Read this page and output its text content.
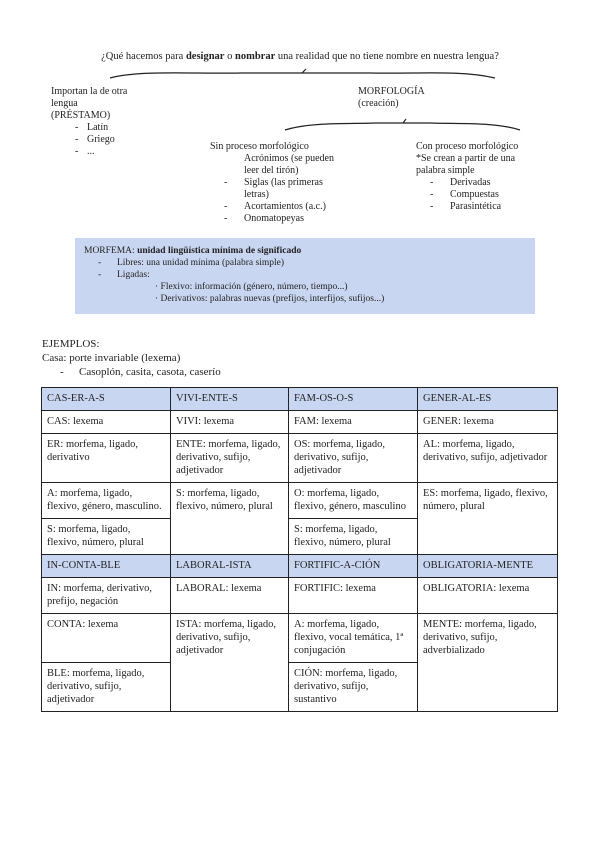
¿Qué hacemos para designar o nombrar una realidad que no tiene nombre en nuestra lengua?
Importan la de otra
lengua
(PRÉSTAMO)
- Latín
- Griego
- ...
MORFOLOGÍA
(creación)
Sin proceso morfológico
Acrónimos (se pueden
leer del tirón)
- Siglas (las primeras
letras)
- Acortamientos (a.c.)
- Onomatopeyas
Con proceso morfológico
*Se crean a partir de una
palabra simple
- Derivadas
- Compuestas
- Parasintética
MORFEMA: unidad lingüística mínima de significado
- Libres: una unidad mínima (palabra simple)
- Ligadas:
· Flexivo: información (género, número, tiempo...)
· Derivativos: palabras nuevas (prefijos, interfijos, sufijos...)
EJEMPLOS:
Casa: porte invariable (lexema)
- Casoplón, casita, casota, caserío
CAS-ER-A-S	VIVI-ENTE-S	FAM-OS-O-S	GENER-AL-ES
CAS: lexema	VIVI: lexema	FAM: lexema	GENER: lexema
ER: morfema, ligado, derivativo	ENTE: morfema, ligado, derivativo, sufijo, adjetivador	OS: morfema, ligado, derivativo, sufijo, adjetivador	AL: morfema, ligado, derivativo, sufijo, adjetivador
A: morfema, ligado, flexivo, género, masculino.	S: morfema, ligado, flexivo, número, plural	O: morfema, ligado, flexivo, género, masculino	ES: morfema, ligado, flexivo, número, plural
S: morfema, ligado, flexivo, número, plural		S: morfema, ligado, flexivo, número, plural	
IN-CONTA-BLE	LABORAL-ISTA	FORTIFIC-A-CIÓN	OBLIGATORIA-MENTE
IN: morfema, derivativo, prefijo, negación	LABORAL: lexema	FORTIFIC: lexema	OBLIGATORIA: lexema
CONTA: lexema	ISTA: morfema, ligado, derivativo, sufijo, adjetivador	A: morfema, ligado, flexivo, vocal temática, 1ª conjugación	MENTE: morfema, ligado, derivativo, sufijo, adverbializado
BLE: morfema, ligado, derivativo, sufijo, adjetivador		CIÓN: morfema, ligado, derivativo, sufijo, sustantivo	
